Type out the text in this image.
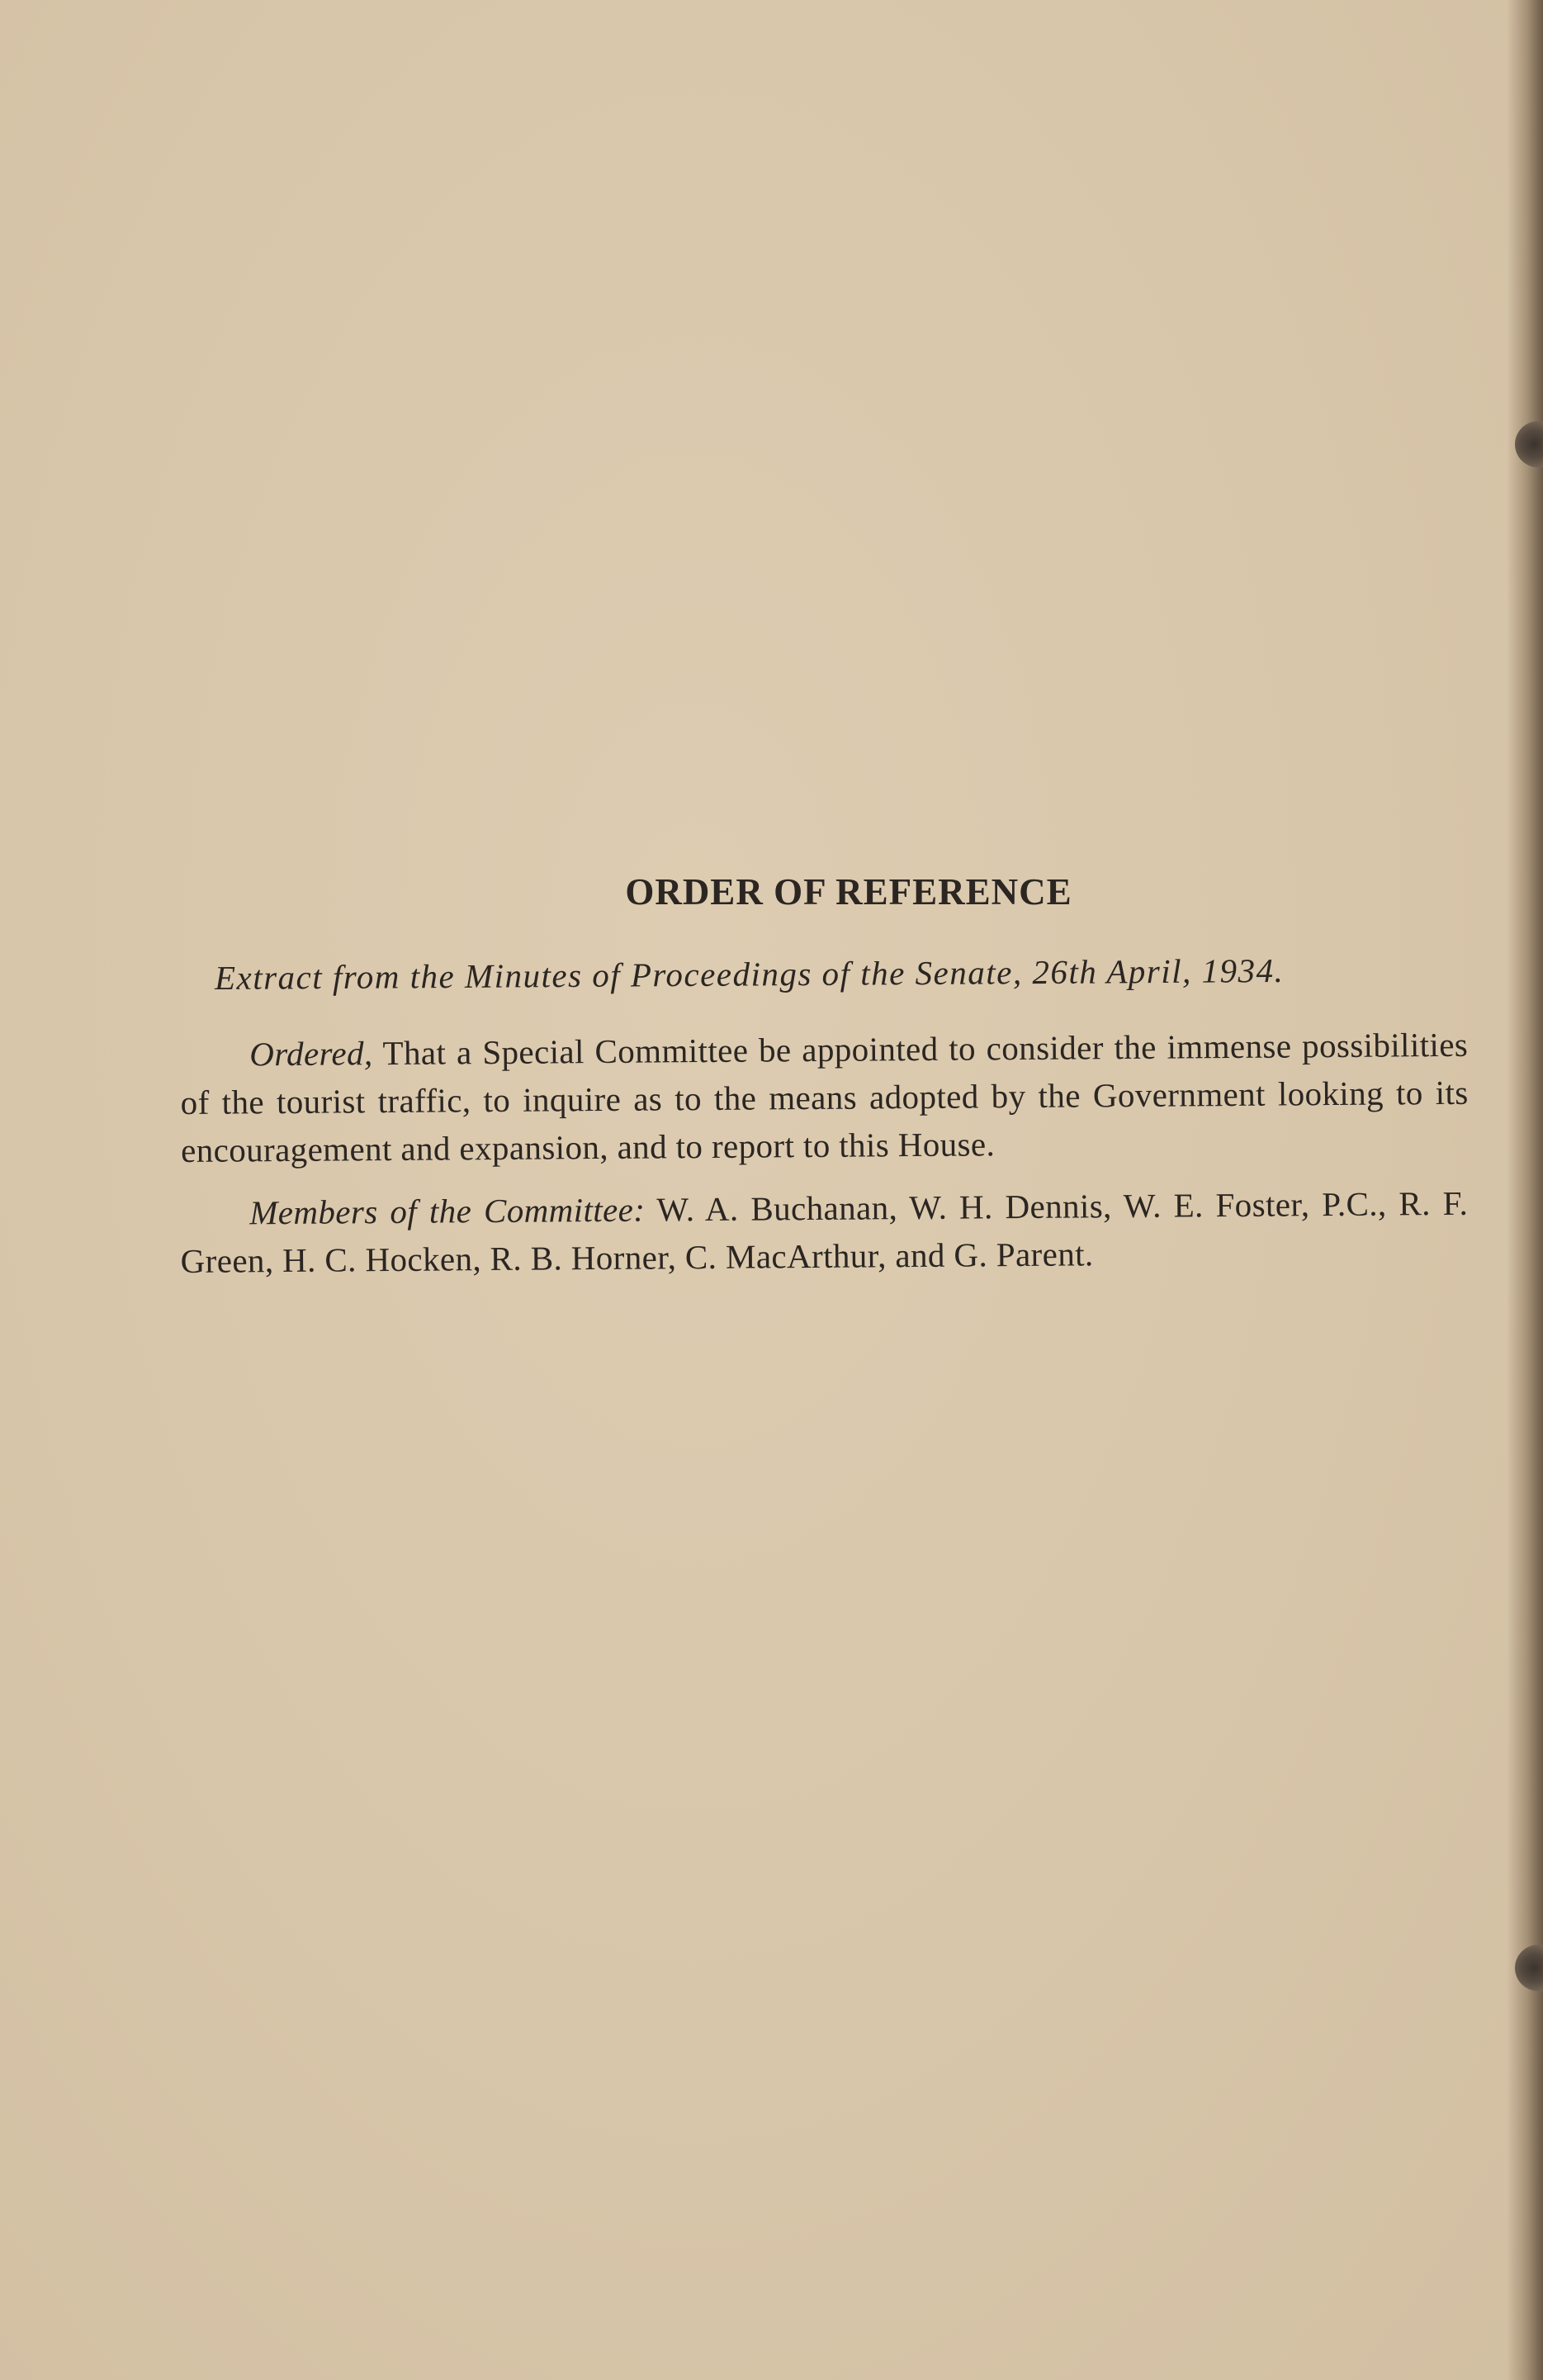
ORDER OF REFERENCE
Extract from the Minutes of Proceedings of the Senate, 26th April, 1934.
Ordered, That a Special Committee be appointed to consider the immense possibilities of the tourist traffic, to inquire as to the means adopted by the Government looking to its encouragement and expansion, and to report to this House.
Members of the Committee: W. A. Buchanan, W. H. Dennis, W. E. Foster, P.C., R. F. Green, H. C. Hocken, R. B. Horner, C. MacArthur, and G. Parent.
